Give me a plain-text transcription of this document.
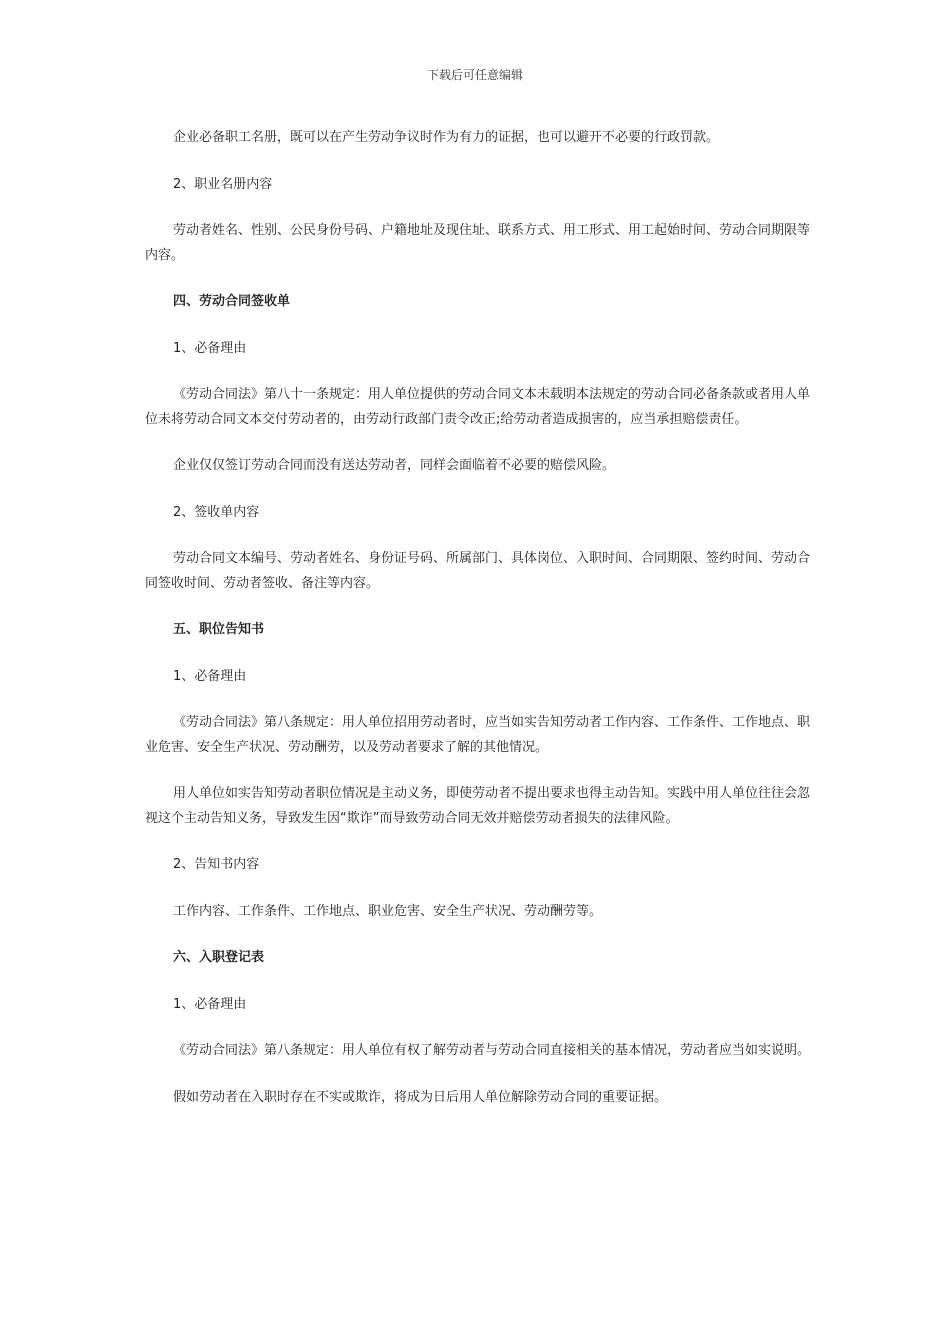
下载后可任意编辑

企业必备职工名册，既可以在产生劳动争议时作为有力的证据，也可以避开不必要的行政罚款。

2、职业名册内容

劳动者姓名、性别、公民身份号码、户籍地址及现住址、联系方式、用工形式、用工起始时间、劳动合同期限等内容。

四、劳动合同签收单

1、必备理由

《劳动合同法》第八十一条规定：用人单位提供的劳动合同文本未载明本法规定的劳动合同必备条款或者用人单位未将劳动合同文本交付劳动者的，由劳动行政部门责令改正;给劳动者造成损害的，应当承担赔偿责任。

企业仅仅签订劳动合同而没有送达劳动者，同样会面临着不必要的赔偿风险。

2、签收单内容

劳动合同文本编号、劳动者姓名、身份证号码、所属部门、具体岗位、入职时间、合同期限、签约时间、劳动合同签收时间、劳动者签收、备注等内容。

五、职位告知书

1、必备理由

《劳动合同法》第八条规定：用人单位招用劳动者时，应当如实告知劳动者工作内容、工作条件、工作地点、职业危害、安全生产状况、劳动酬劳，以及劳动者要求了解的其他情况。

用人单位如实告知劳动者职位情况是主动义务，即使劳动者不提出要求也得主动告知。实践中用人单位往往会忽视这个主动告知义务，导致发生因“欺诈”而导致劳动合同无效并赔偿劳动者损失的法律风险。

2、告知书内容

工作内容、工作条件、工作地点、职业危害、安全生产状况、劳动酬劳等。

六、入职登记表

1、必备理由

《劳动合同法》第八条规定：用人单位有权了解劳动者与劳动合同直接相关的基本情况，劳动者应当如实说明。

假如劳动者在入职时存在不实或欺诈，将成为日后用人单位解除劳动合同的重要证据。
